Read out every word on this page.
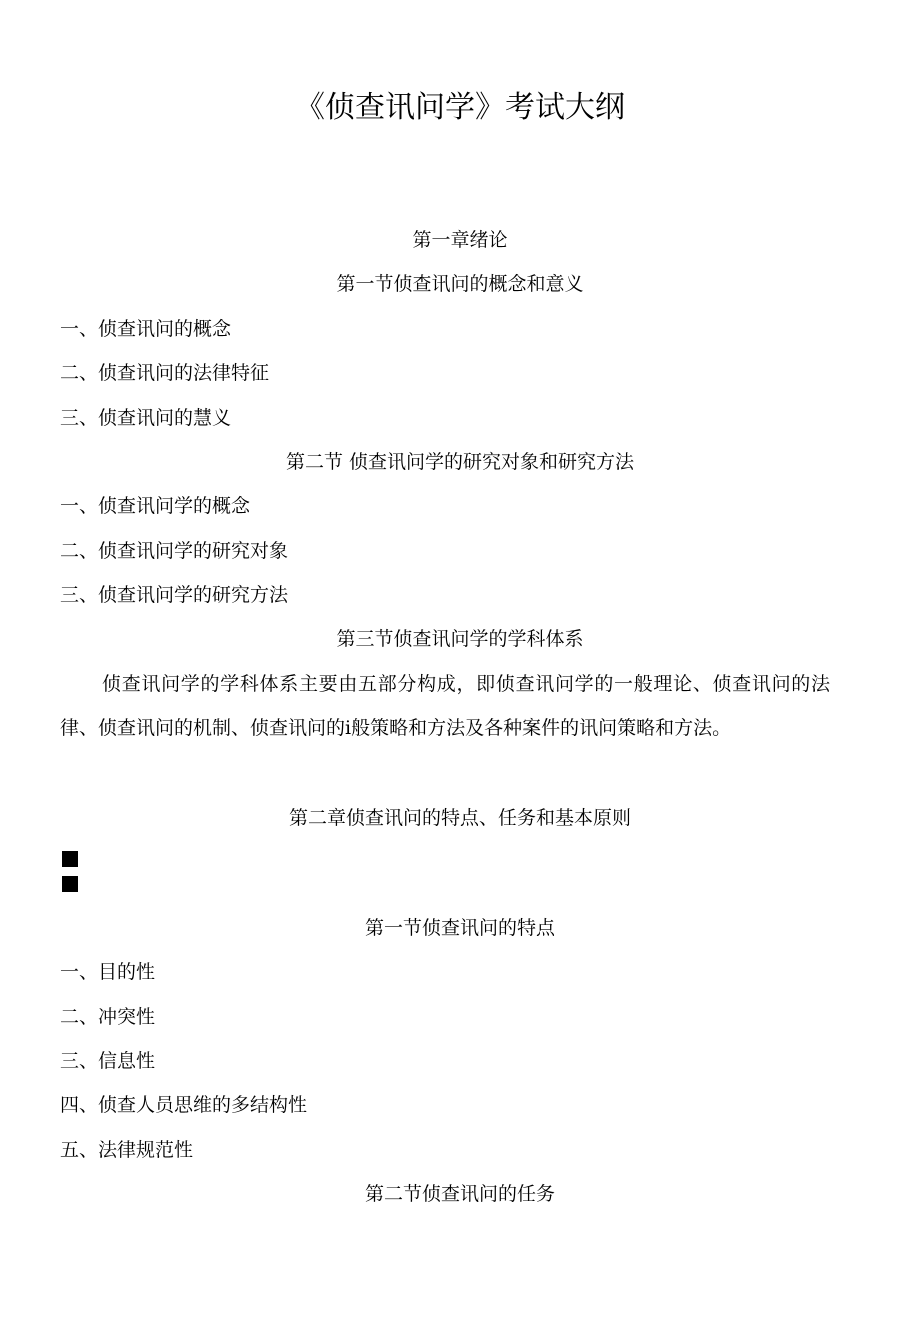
《侦查讯问学》考试大纲
第一章绪论
第一节侦查讯问的概念和意义
一、侦查讯问的概念
二、侦查讯问的法律特征
三、侦查讯问的慧义
第二节 侦查讯问学的研究对象和研究方法
一、侦查讯问学的概念
二、侦查讯问学的研究对象
三、侦查讯问学的研究方法
第三节侦查讯问学的学科体系
侦查讯问学的学科体系主要由五部分构成，即侦查讯问学的一般理论、侦查讯问的法律、侦查讯问的机制、侦查讯问的i般策略和方法及各种案件的讯问策略和方法。
第二章侦查讯问的特点、任务和基本原则
第一节侦查讯问的特点
一、目的性
二、冲突性
三、信息性
四、侦查人员思维的多结构性
五、法律规范性
第二节侦查讯问的任务
